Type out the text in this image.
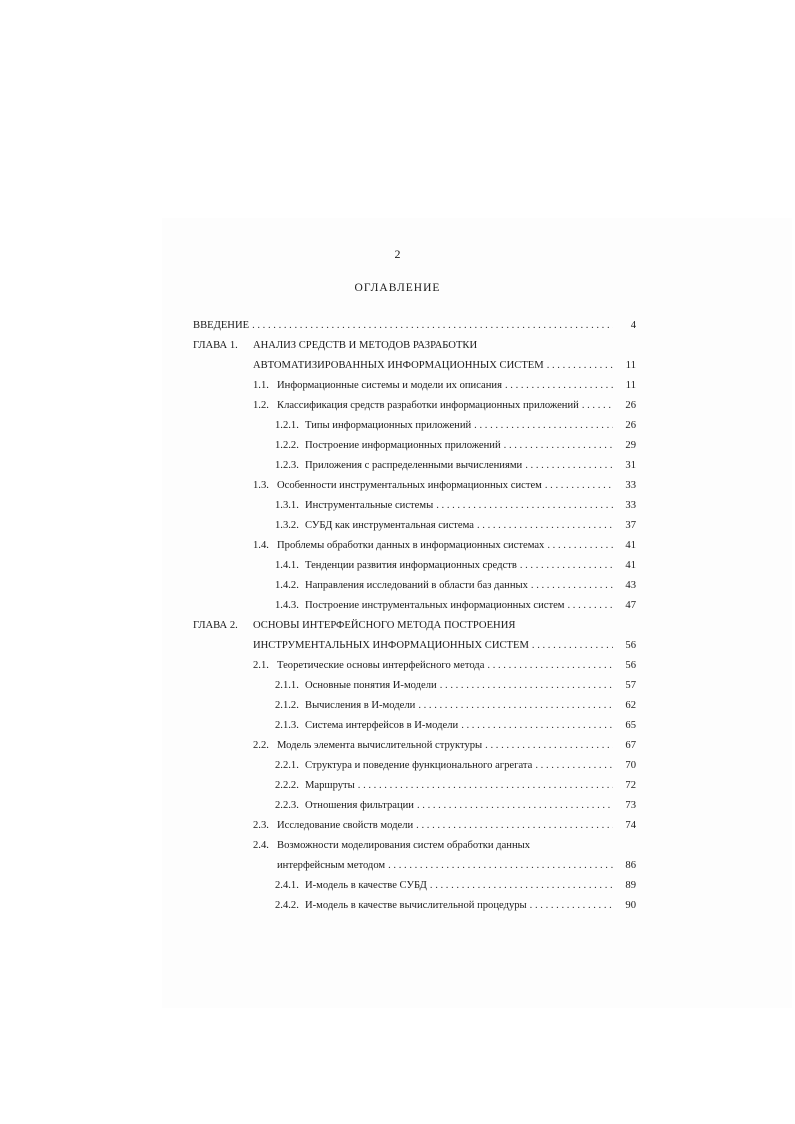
2
ОГЛАВЛЕНИЕ
ВВЕДЕНИЕ . . .	4
ГЛАВА 1.	АНАЛИЗ СРЕДСТВ И МЕТОДОВ РАЗРАБОТКИ
АВТОМАТИЗИРОВАННЫХ ИНФОРМАЦИОННЫХ СИСТЕМ . . .	11
1.1. Информационные системы и модели их описания . . .	11
1.2. Классификация средств разработки информационных приложений . . .	26
1.2.1. Типы информационных приложений . . .	26
1.2.2. Построение информационных приложений . . .	29
1.2.3. Приложения с распределенными вычислениями . . .	31
1.3. Особенности инструментальных информационных систем . . .	33
1.3.1. Инструментальные системы . . .	33
1.3.2. СУБД как инструментальная система . . .	37
1.4. Проблемы обработки данных в информационных системах . . .	41
1.4.1. Тенденции развития информационных средств . . .	41
1.4.2. Направления исследований в области баз данных . . .	43
1.4.3. Построение инструментальных информационных систем . . .	47
ГЛАВА 2.	ОСНОВЫ ИНТЕРФЕЙСНОГО МЕТОДА ПОСТРОЕНИЯ
ИНСТРУМЕНТАЛЬНЫХ ИНФОРМАЦИОННЫХ СИСТЕМ . . .	56
2.1. Теоретические основы интерфейсного метода . . .	56
2.1.1. Основные понятия И-модели . . .	57
2.1.2. Вычисления в И-модели . . .	62
2.1.3. Система интерфейсов в И-модели . . .	65
2.2. Модель элемента вычислительной структуры . . .	67
2.2.1. Структура и поведение функционального агрегата . . .	70
2.2.2. Маршруты . . .	72
2.2.3. Отношения фильтрации . . .	73
2.3. Исследование свойств модели . . .	74
2.4. Возможности моделирования систем обработки данных
интерфейсным методом . . .	86
2.4.1. И-модель в качестве СУБД . . .	89
2.4.2. И-модель в качестве вычислительной процедуры . . .	90
